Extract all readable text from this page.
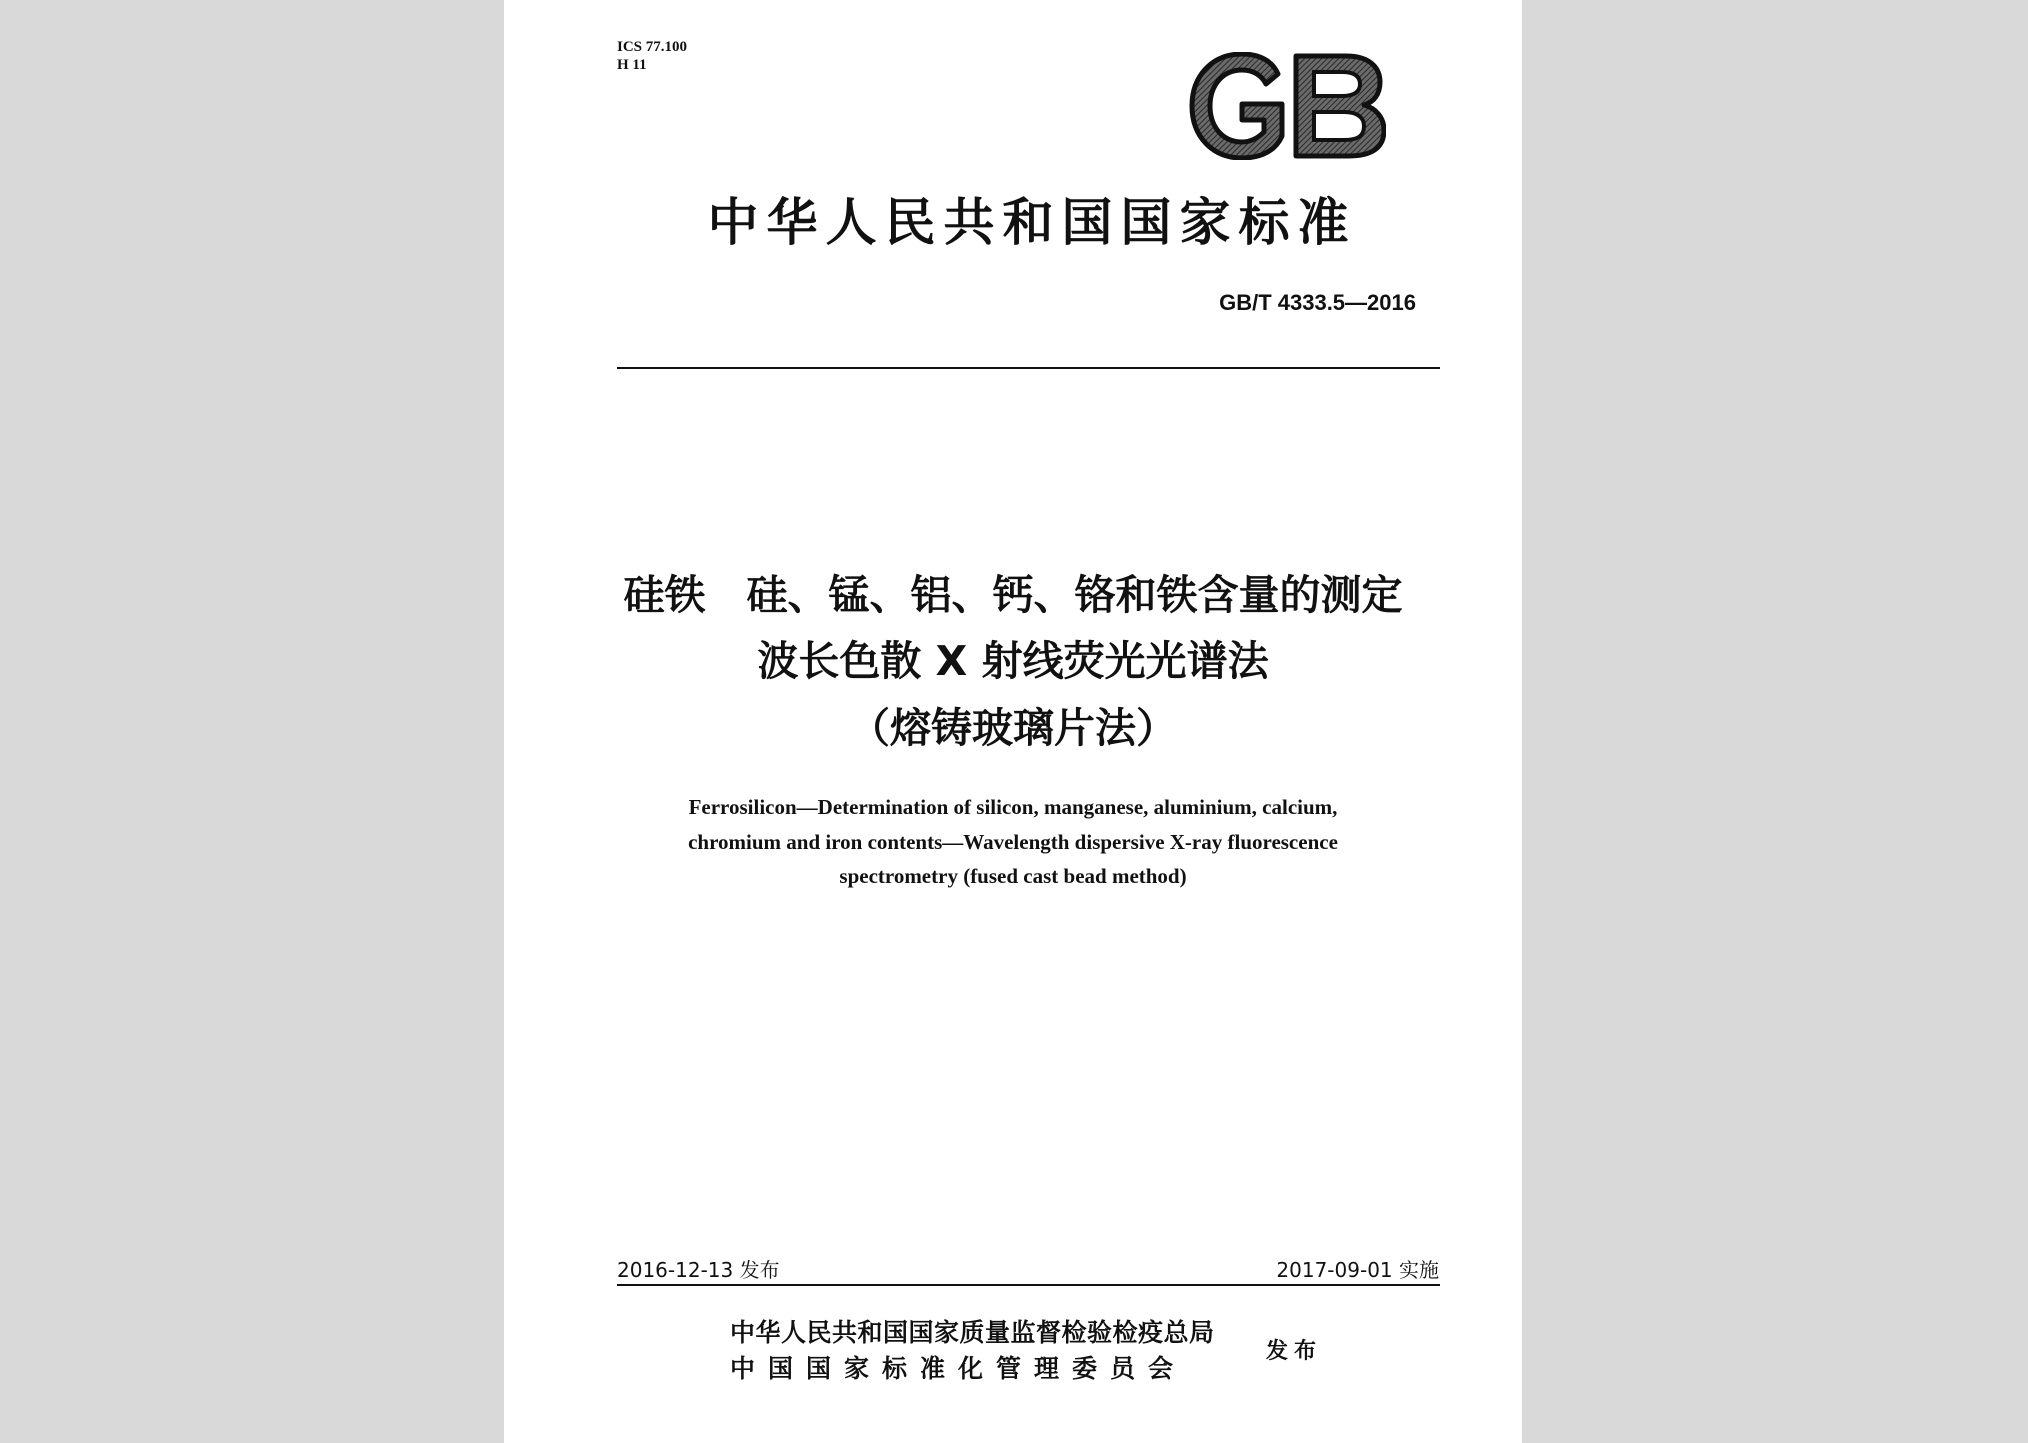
ICS 77.100
H 11
中华人民共和国国家标准
GB/T 4333.5—2016
硅铁　硅、锰、铝、钙、铬和铁含量的测定
波长色散 X 射线荧光光谱法
（熔铸玻璃片法）
Ferrosilicon—Determination of silicon, manganese, aluminium, calcium,
chromium and iron contents—Wavelength dispersive X-ray fluorescence
spectrometry (fused cast bead method)
2016-12-13 发布	2017-09-01 实施
中华人民共和国国家质量监督检验检疫总局
中国国家标准化管理委员会
发布
